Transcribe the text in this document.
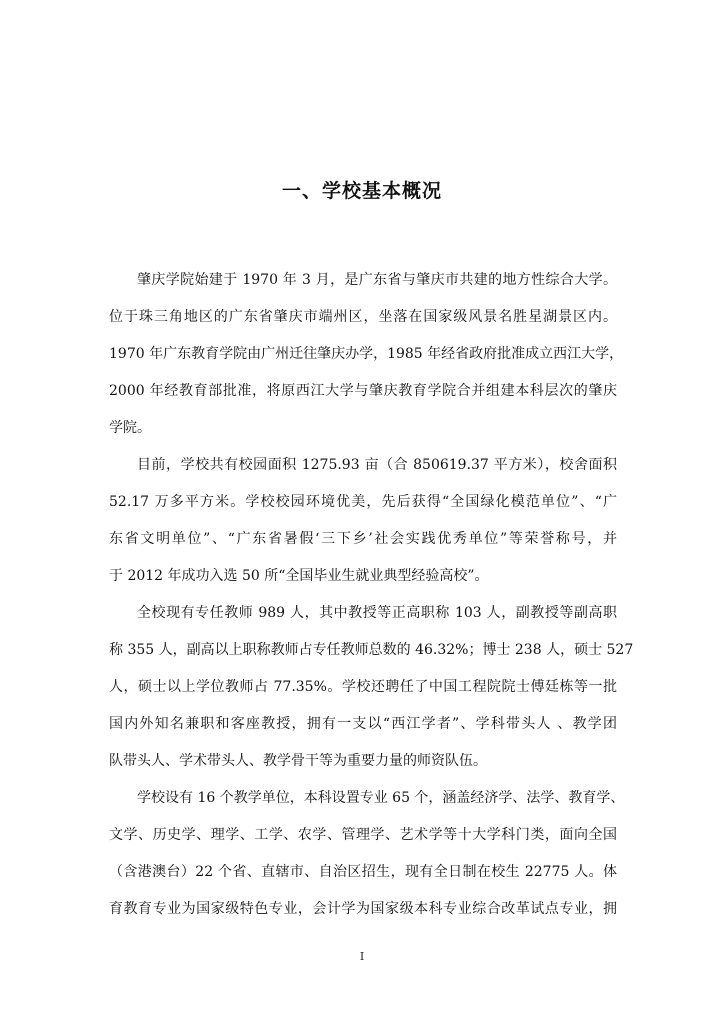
一、学校基本概况
肇庆学院始建于 1970 年 3 月，是广东省与肇庆市共建的地方性综合大学。
位于珠三角地区的广东省肇庆市端州区，坐落在国家级风景名胜星湖景区内。
1970 年广东教育学院由广州迁往肇庆办学，1985 年经省政府批准成立西江大学，
2000 年经教育部批准，将原西江大学与肇庆教育学院合并组建本科层次的肇庆
学院。
目前，学校共有校园面积 1275.93 亩（合 850619.37 平方米），校舍面积
52.17 万多平方米。学校校园环境优美，先后获得“全国绿化模范单位”、“广
东省文明单位”、“广东省暑假‘三下乡’社会实践优秀单位”等荣誉称号，并
于 2012 年成功入选 50 所“全国毕业生就业典型经验高校”。
全校现有专任教师 989 人，其中教授等正高职称 103 人，副教授等副高职
称 355 人，副高以上职称教师占专任教师总数的 46.32%；博士 238 人，硕士 527
人，硕士以上学位教师占 77.35%。学校还聘任了中国工程院院士傅廷栋等一批
国内外知名兼职和客座教授，拥有一支以“西江学者”、学科带头人 、教学团
队带头人、学术带头人、教学骨干等为重要力量的师资队伍。
学校设有 16 个教学单位，本科设置专业 65 个，涵盖经济学、法学、教育学、
文学、历史学、理学、工学、农学、管理学、艺术学等十大学科门类，面向全国
（含港澳台）22 个省、直辖市、自治区招生，现有全日制在校生 22775 人。体
育教育专业为国家级特色专业，会计学为国家级本科专业综合改革试点专业，拥
I
